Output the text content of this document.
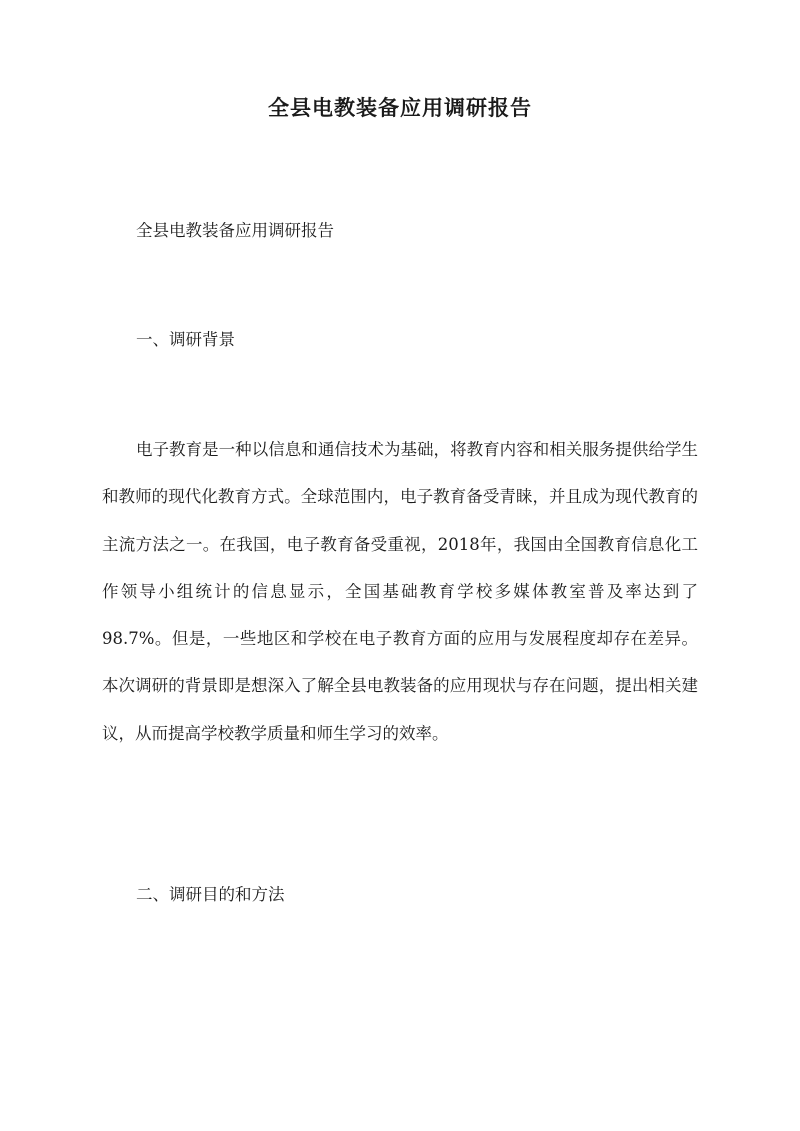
全县电教装备应用调研报告
全县电教装备应用调研报告
一、调研背景

电子教育是一种以信息和通信技术为基础，将教育内容和相关服务提供给学生和教师的现代化教育方式。全球范围内，电子教育备受青睐，并且成为现代教育的主流方法之一。在我国，电子教育备受重视，2018年，我国由全国教育信息化工作领导小组统计的信息显示，全国基础教育学校多媒体教室普及率达到了98.7%。但是，一些地区和学校在电子教育方面的应用与发展程度却存在差异。本次调研的背景即是想深入了解全县电教装备的应用现状与存在问题，提出相关建议，从而提高学校教学质量和师生学习的效率。

二、调研目的和方法
